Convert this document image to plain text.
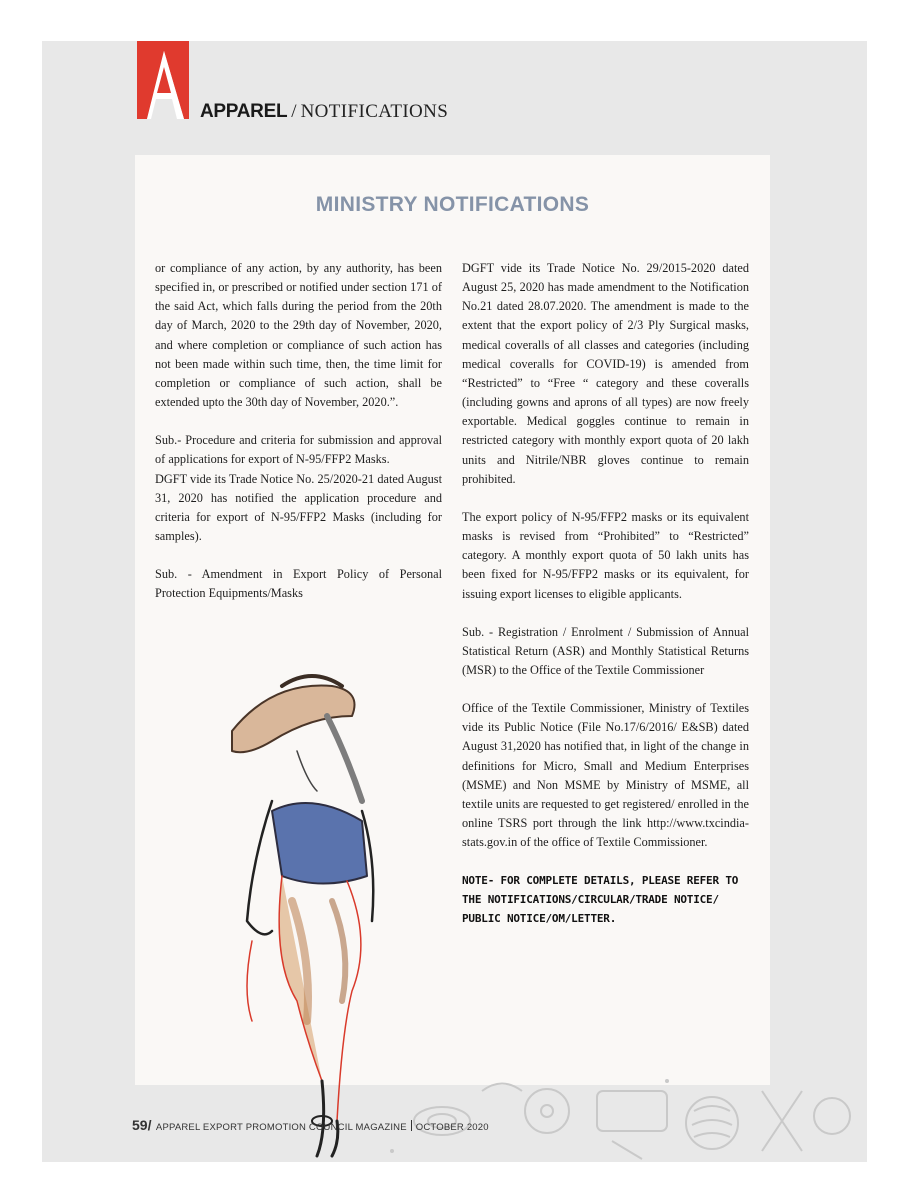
APPAREL / NOTIFICATIONS
MINISTRY NOTIFICATIONS

or compliance of any action, by any authority, has been specified in, or prescribed or notified under section 171 of the said Act, which falls during the period from the 20th day of March, 2020 to the 29th day of November, 2020, and where completion or compliance of such action has not been made within such time, then, the time limit for completion or compliance of such action, shall be extended upto the 30th day of November, 2020.”.

Sub.- Procedure and criteria for submission and approval of applications for export of N-95/FFP2 Masks.

DGFT vide its Trade Notice No. 25/2020-21 dated August 31, 2020 has notified the application procedure and criteria for export of N-95/FFP2 Masks (including for samples).

Sub. - Amendment in Export Policy of Personal Protection Equipments/Masks

DGFT vide its Trade Notice No. 29/2015-2020 dated August 25, 2020 has made amendment to the Notification No.21 dated 28.07.2020. The amendment is made to the extent that the export policy of 2/3 Ply Surgical masks, medical coveralls of all classes and categories (including medical coveralls for COVID-19) is amended from “Restricted” to “Free “ category and these coveralls (including gowns and aprons of all types) are now freely exportable. Medical goggles continue to remain in restricted category with monthly export quota of 20 lakh units and Nitrile/NBR gloves continue to remain prohibited.

The export policy of N-95/FFP2 masks or its equivalent masks is revised from “Prohibited” to “Restricted” category. A monthly export quota of 50 lakh units has been fixed for N-95/FFP2 masks or its equivalent, for issuing export licenses to eligible applicants.

Sub. - Registration / Enrolment / Submission of Annual Statistical Return (ASR) and Monthly Statistical Returns (MSR) to the Office of the Textile Commissioner

Office of the Textile Commissioner, Ministry of Textiles vide its Public Notice (File No.17/6/2016/ E&SB) dated August 31,2020 has notified that, in light of the change in definitions for Micro, Small and Medium Enterprises (MSME) and Non MSME by Ministry of MSME, all textile units are requested to get registered/ enrolled in the online TSRS port through the link http://www.txcindia-stats.gov.in of the office of Textile Commissioner.

NOTE- FOR COMPLETE DETAILS, PLEASE REFER TO THE NOTIFICATIONS/CIRCULAR/TRADE NOTICE/ PUBLIC NOTICE/OM/LETTER.

59/ APPAREL EXPORT PROMOTION COUNCIL MAGAZINE OCTOBER 2020
